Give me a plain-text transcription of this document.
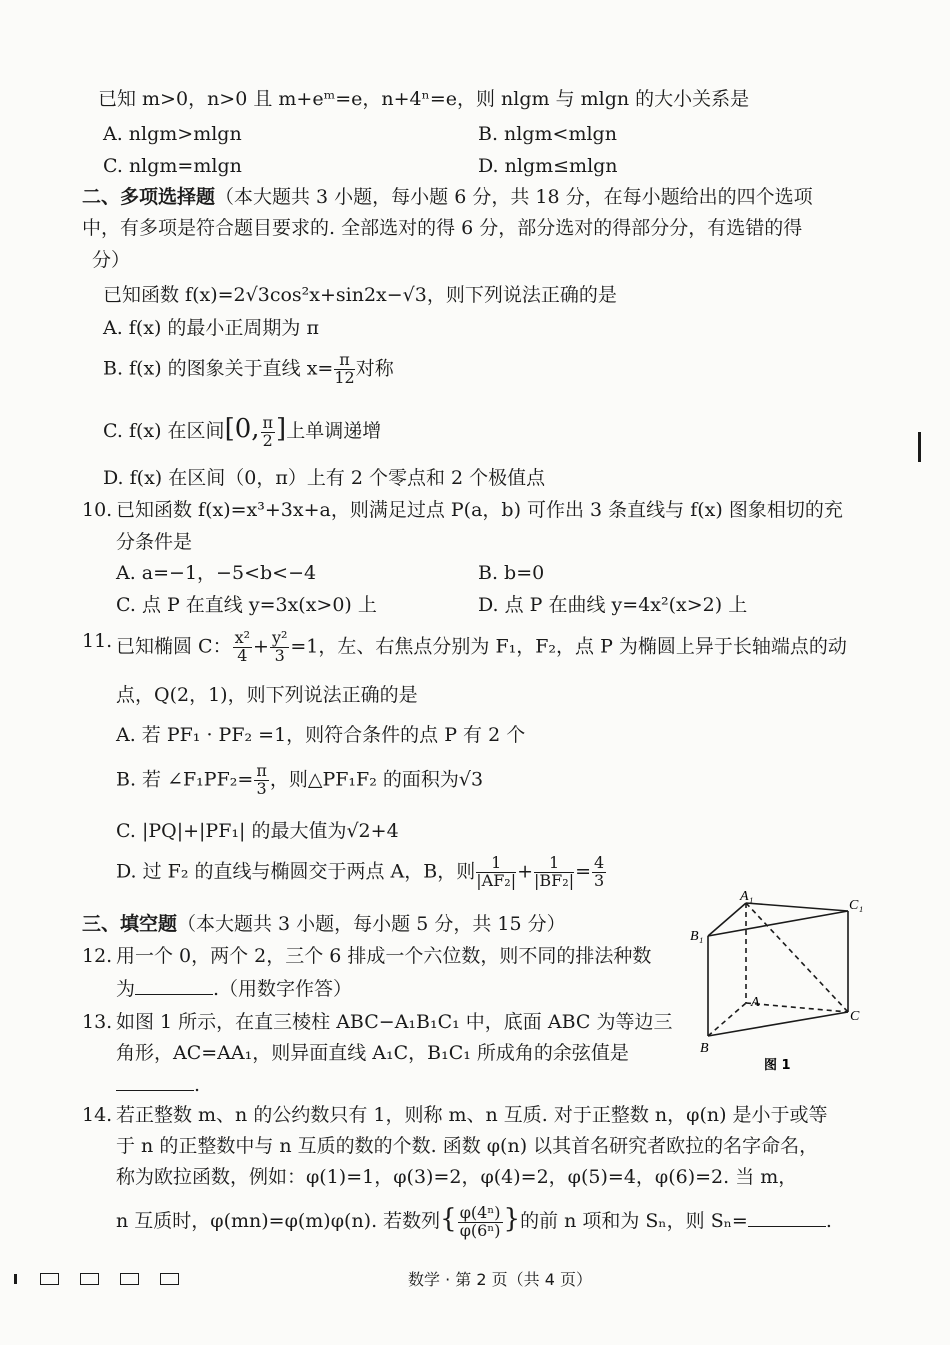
已知 m>0，n>0 且 m+eᵐ=e，n+4ⁿ=e，则 nlgm 与 mlgn 的大小关系是
A. nlgm>mlgn	B. nlgm<mlgn
C. nlgm=mlgn	D. nlgm≤mlgn
二、多项选择题（本大题共 3 小题，每小题 6 分，共 18 分，在每小题给出的四个选项
中，有多项是符合题目要求的. 全部选对的得 6 分，部分选对的得部分分，有选错的得
分）
已知函数 f(x)=2√3cos²x+sin2x−√3，则下列说法正确的是
A. f(x) 的最小正周期为 π
B. f(x) 的图象关于直线 $x= \frac{\pi}{12}$ 对称
C. f(x) 在区间[0, $\frac{\pi}{2}$ ]上单调递增
D. f(x) 在区间（0，π）上有 2 个零点和 2 个极值点
10. 已知函数 f(x)=x³+3x+a，则满足过点 P(a，b) 可作出 3 条直线与 f(x) 图象相切的充
分条件是
A. a=−1，−5<b<−4	B. b=0
C. 点 P 在直线 y=3x(x>0) 上	D. 点 P 在曲线 y=4x²(x>2) 上
11. 已知椭圆 C： $\frac{\text{x²}}{4} + \frac{\text{y²}}{3} =1$，左、右焦点分别为 F₁，F₂，点 P 为椭圆上异于长轴端点的动
点，Q(2，1)，则下列说法正确的是
A. 若 PF₁ · PF₂ =1，则符合条件的点 P 有 2 个
B. 若 ∠F₁PF₂= $\frac{\pi}{3}$ ，则△PF₁F₂ 的面积为√3
C. |PQ|+|PF₁| 的最大值为√2+4
D. 过 F₂ 的直线与椭圆交于两点 A，B，则 $\frac{1}{\text{|AF₂|}} + \frac{1}{\text{|BF₂|}} = \frac{4}{3}$
三、填空题（本大题共 3 小题，每小题 5 分，共 15 分）
12. 用一个 0，两个 2，三个 6 排成一个六位数，则不同的排法种数
为	.（用数字作答）
13. 如图 1 所示，在直三棱柱 ABC−A₁B₁C₁ 中，底面 ABC 为等边三
角形，AC=AA₁，则异面直线 A₁C，B₁C₁ 所成角的余弦值是
.
A₁
B₁
C₁
A
B
C
图 1
14. 若正整数 m、n 的公约数只有 1，则称 m、n 互质. 对于正整数 n，φ(n) 是小于或等
于 n 的正整数中与 n 互质的数的个数. 函数 φ(n) 以其首名研究者欧拉的名字命名，
称为欧拉函数，例如：φ(1)=1，φ(3)=2，φ(4)=2，φ(5)=4，φ(6)=2. 当 m，
n 互质时，φ(mn)=φ(m)φ(n). 若数列{ $\frac{\text{φ(4ⁿ)}}{\text{φ(6ⁿ)}}$ }的前 n 项和为 Sₙ，则 Sₙ=	.
数学 · 第 2 页（共 4 页）
